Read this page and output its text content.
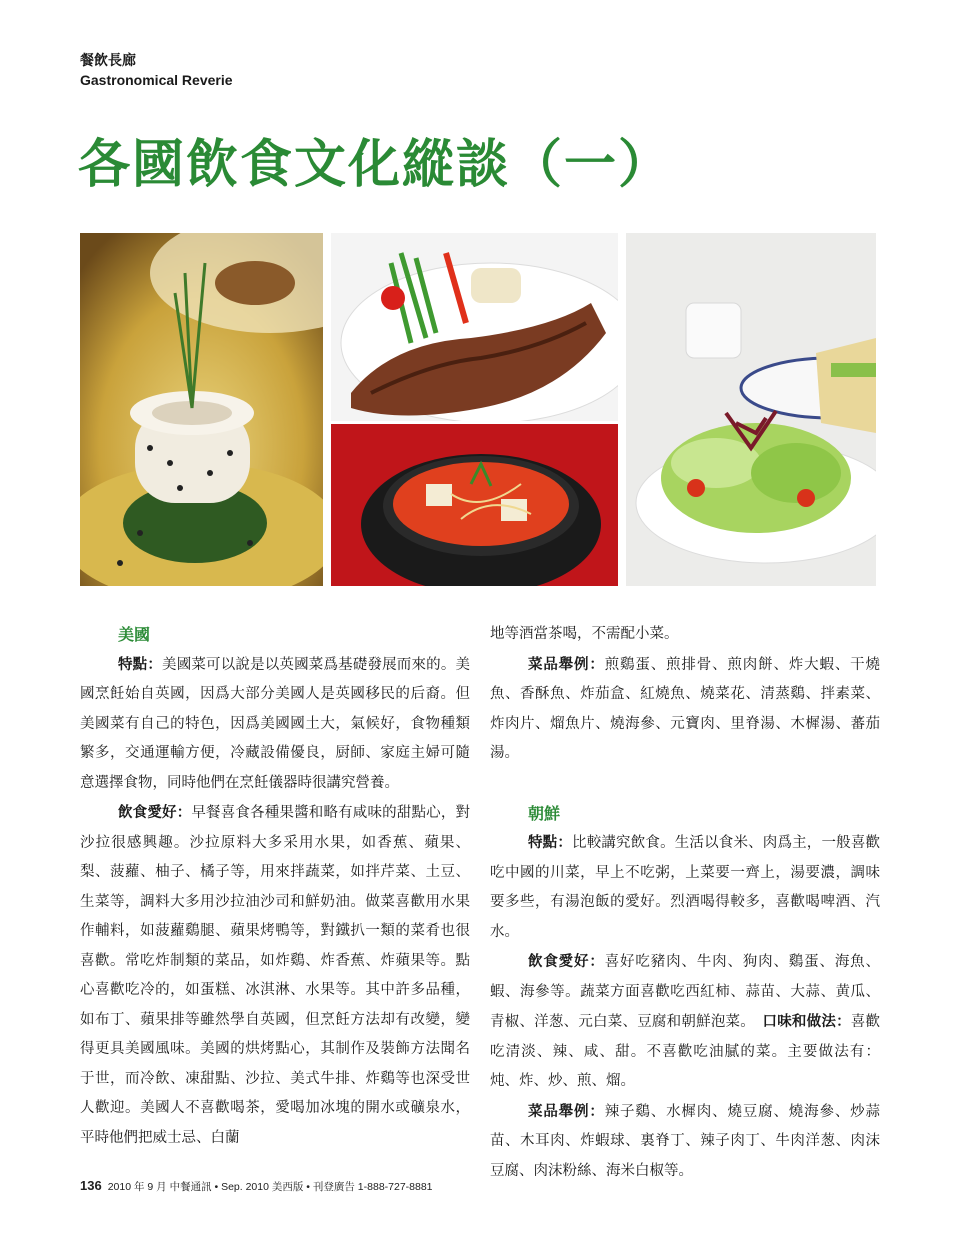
餐飲長廊
Gastronomical Reverie
各國飲食文化縱談（一）

美國

特點：美國菜可以說是以英國菜爲基礎發展而來的。美國烹飪始自英國，因爲大部分美國人是英國移民的后裔。但美國菜有自己的特色，因爲美國國土大，氣候好，食物種類繁多，交通運輸方便，冷藏設備優良，厨師、家庭主婦可隨意選擇食物，同時他們在烹飪儀器時很講究營養。

飲食愛好：早餐喜食各種果醬和略有咸味的甜點心，對沙拉很感興趣。沙拉原料大多采用水果，如香蕉、蘋果、梨、菠蘿、柚子、橘子等，用來拌蔬菜，如拌芹菜、土豆、生菜等，調料大多用沙拉油沙司和鮮奶油。做菜喜歡用水果作輔料，如菠蘿鷄腿、蘋果烤鴨等，對鐵扒一類的菜肴也很喜歡。常吃炸制類的菜品，如炸鷄、炸香蕉、炸蘋果等。點心喜歡吃冷的，如蛋糕、冰淇淋、水果等。其中許多品種，如布丁、蘋果排等雖然學自英國，但烹飪方法却有改變，變得更具美國風味。美國的烘烤點心，其制作及裝飾方法聞名于世，而冷飲、凍甜點、沙拉、美式牛排、炸鷄等也深受世人歡迎。美國人不喜歡喝茶，愛喝加冰塊的開水或礦泉水，平時他們把威士忌、白蘭

地等酒當茶喝，不需配小菜。

菜品舉例：煎鷄蛋、煎排骨、煎肉餅、炸大蝦、干燒魚、香酥魚、炸茄盒、紅燒魚、燒菜花、清蒸鷄、拌素菜、炸肉片、熘魚片、燒海參、元寶肉、里脊湯、木樨湯、蕃茄湯。

朝鮮

特點：比較講究飲食。生活以食米、肉爲主，一般喜歡吃中國的川菜，早上不吃粥，上菜要一齊上，湯要濃，調味要多些，有湯泡飯的愛好。烈酒喝得較多，喜歡喝啤酒、汽水。

飲食愛好：喜好吃豬肉、牛肉、狗肉、鷄蛋、海魚、蝦、海參等。蔬菜方面喜歡吃西紅柿、蒜苗、大蒜、黄瓜、青椒、洋葱、元白菜、豆腐和朝鮮泡菜。　 口味和做法：喜歡吃清淡、辣、咸、甜。不喜歡吃油膩的菜。主要做法有：炖、炸、炒、煎、熘。

菜品舉例：辣子鷄、水樨肉、燒豆腐、燒海參、炒蒜苗、木耳肉、炸蝦球、裏脊丁、辣子肉丁、牛肉洋葱、肉沫豆腐、肉沫粉絲、海米白椒等。

136 2010 年 9 月 中餐通訊 • Sep. 2010 美西版 • 刊登廣告 1-888-727-8881
